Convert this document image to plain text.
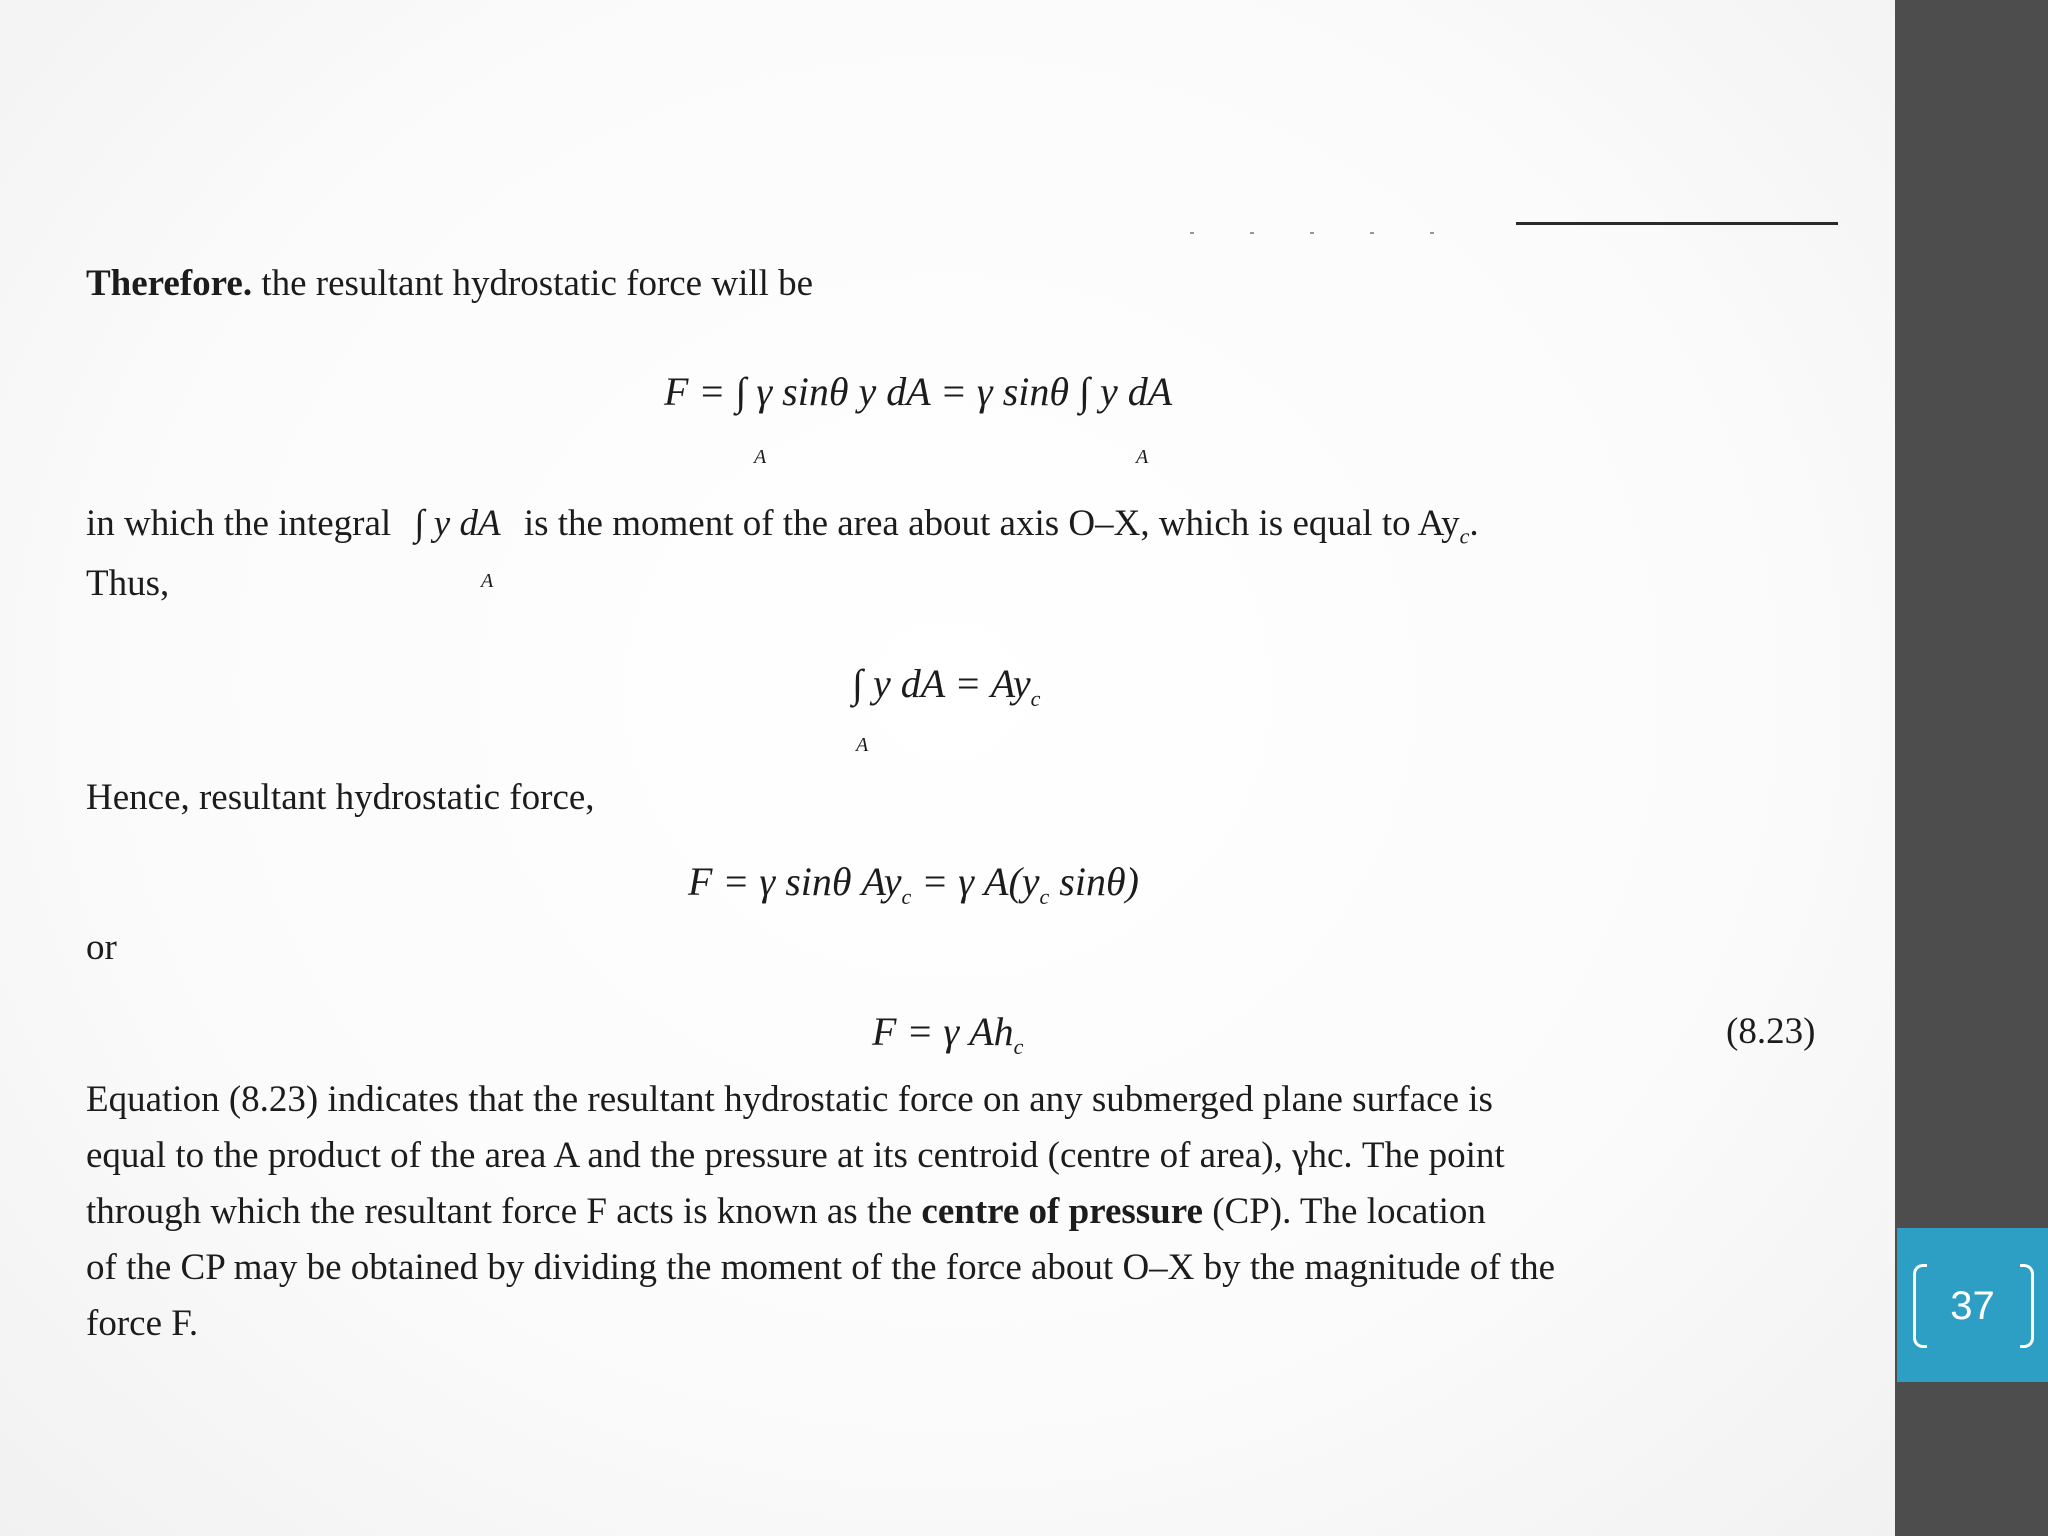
Therefore. the resultant hydrostatic force will be
F = ∫ γ sinθ y dA = γ sinθ ∫ y dA
A	A
in which the integral ∫ y dA is the moment of the area about axis O–X, which is equal to $Ay_c$.
A
Thus,
∫ y dA = $Ay_c$
A
Hence, resultant hydrostatic force,
F = γ sinθ $Ay_c = \gamma$ $A(y_c$ sinθ)
or
F = γ $Ah_c$	(8.23)
Equation (8.23) indicates that the resultant hydrostatic force on any submerged plane surface is
equal to the product of the area A and the pressure at its centroid (centre of area), γhс. The point
through which the resultant force F acts is known as the centre of pressure (CP). The location
of the CP may be obtained by dividing the moment of the force about O–X by the magnitude of the
force F.	37
